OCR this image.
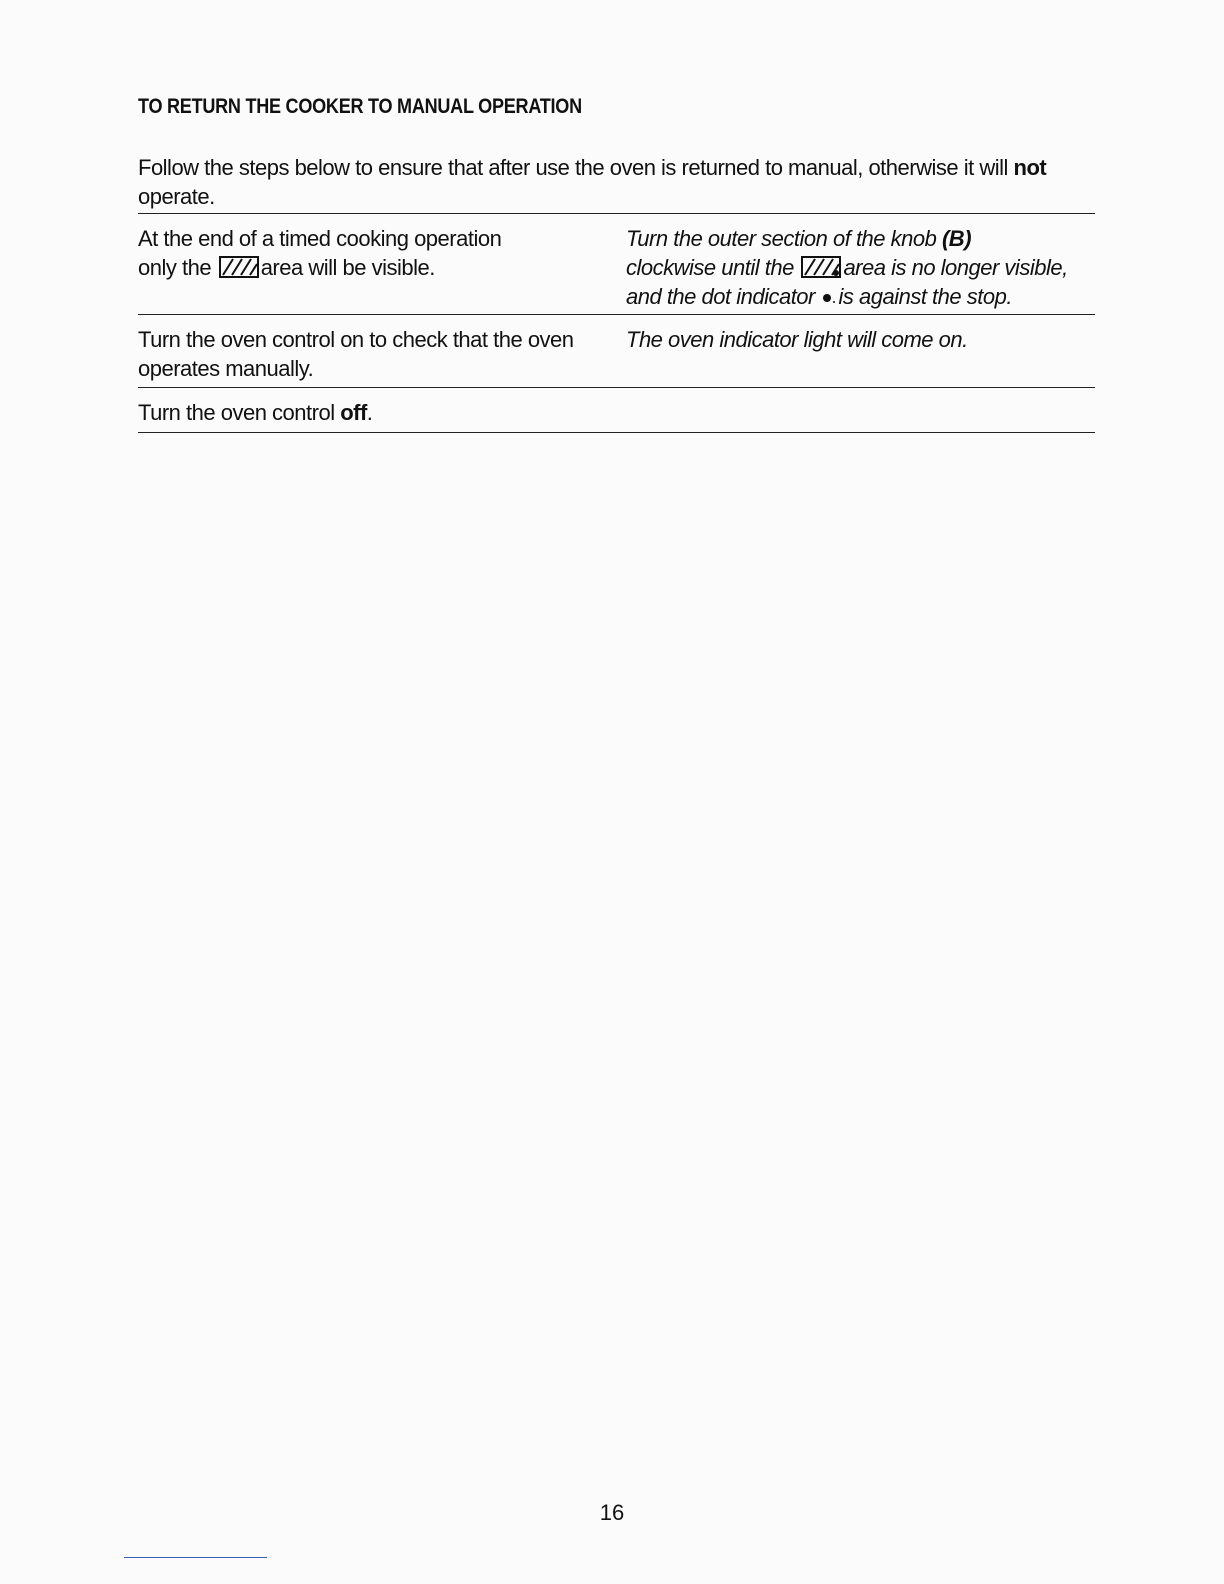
TO RETURN THE COOKER TO MANUAL OPERATION
Follow the steps below to ensure that after use the oven is returned to manual, otherwise it will not
operate.
At the end of a timed cooking operation
only the area will be visible.
Turn the outer section of the knob (B)
clockwise until the area is no longer visible,
and the dot indicator is against the stop.
Turn the oven control on to check that the oven
operates manually.
The oven indicator light will come on.
Turn the oven control off.
16
